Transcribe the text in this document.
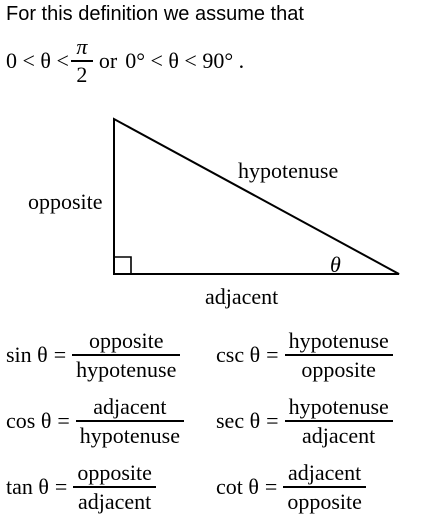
For this definition we assume that
$0 < \theta < \frac{\pi}{2}$ or 0° < θ < 90° .
opposite
hypotenuse
θ
adjacent
sin θ =
opposite
hypotenuse
csc θ =
hypotenuse
opposite
cos θ =
adjacent
hypotenuse
sec θ =
hypotenuse
adjacent
tan θ =
opposite
adjacent
cot θ =
adjacent
opposite
